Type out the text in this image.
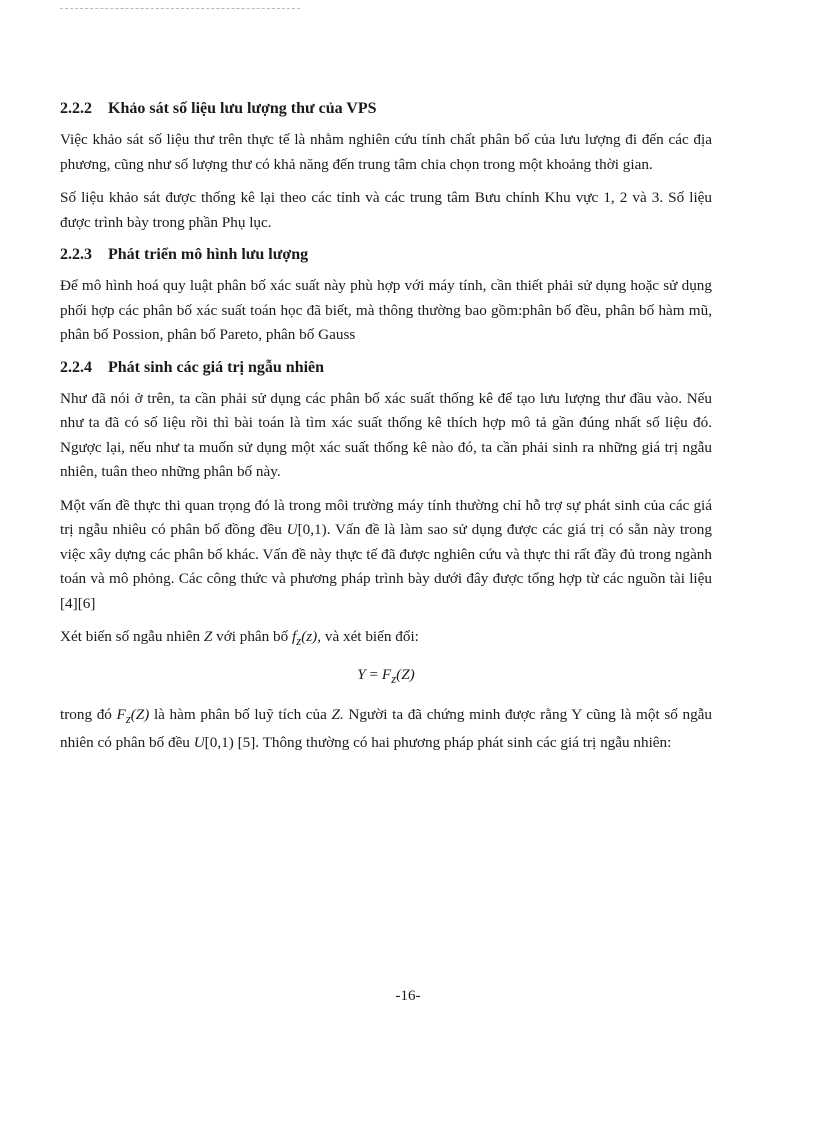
2.2.2 Khảo sát số liệu lưu lượng thư của VPS

Việc khảo sát số liệu thư trên thực tế là nhằm nghiên cứu tính chất phân bố của lưu lượng đi đến các địa phương, cũng như số lượng thư có khả năng đến trung tâm chia chọn trong một khoảng thời gian.

Số liệu khảo sát được thống kê lại theo các tỉnh và các trung tâm Bưu chính Khu vực 1, 2 và 3. Số liệu được trình bày trong phần Phụ lục.

2.2.3 Phát triển mô hình lưu lượng

Để mô hình hoá quy luật phân bố xác suất này phù hợp với máy tính, cần thiết phải sử dụng hoặc sử dụng phối hợp các phân bố xác suất toán học đã biết, mà thông thường bao gồm:phân bố đều, phân bố hàm mũ, phân bố Possion, phân bố Pareto, phân bố Gauss

2.2.4 Phát sinh các giá trị ngẫu nhiên

Như đã nói ở trên, ta cần phải sử dụng các phân bố xác suất thống kê để tạo lưu lượng thư đầu vào. Nếu như ta đã có số liệu rồi thì bài toán là tìm xác suất thống kê thích hợp mô tả gần đúng nhất số liệu đó. Ngược lại, nếu như ta muốn sử dụng một xác suất thống kê nào đó, ta cần phải sinh ra những giá trị ngẫu nhiên, tuân theo những phân bố này.

Một vấn đề thực thi quan trọng đó là trong môi trường máy tính thường chỉ hỗ trợ sự phát sinh của các giá trị ngẫu nhiêu có phân bố đồng đều U[0,1). Vấn đề là làm sao sử dụng được các giá trị có sẵn này trong việc xây dựng các phân bố khác. Vấn đề này thực tế đã được nghiên cứu và thực thi rất đầy đủ trong ngành toán và mô phỏng. Các công thức và phương pháp trình bày dưới đây được tổng hợp từ các nguồn tài liệu [4][6]

Xét biến số ngẫu nhiên Z với phân bố $f_z(z)$, và xét biến đổi:

$Y = F_z(Z)$

trong đó $F_z(Z)$ là hàm phân bố luỹ tích của Z. Người ta đã chứng minh được rằng Y cũng là một số ngẫu nhiên có phân bố đều U[0,1) [5]. Thông thường có hai phương pháp phát sinh các giá trị ngẫu nhiên:

-16-
